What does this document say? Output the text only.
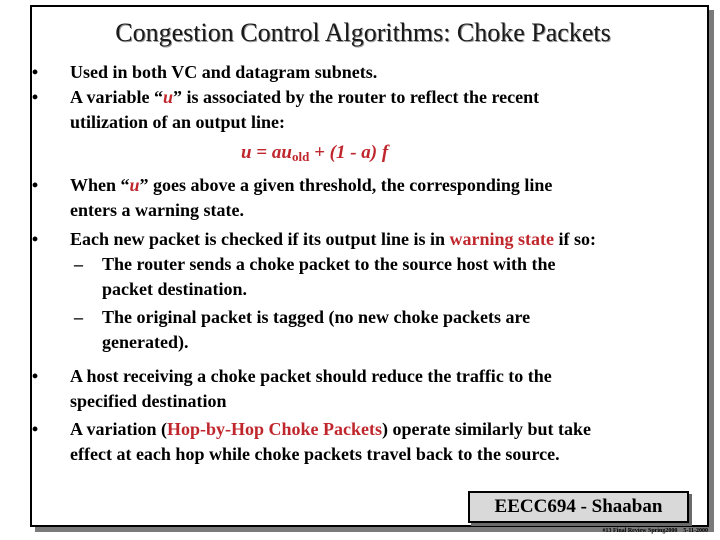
Congestion Control Algorithms: Choke Packets
• Used in both VC and datagram subnets.
• A variable “u” is associated by the router to reflect the recent
utilization of an output line:
$u = au_{old} + (1 - a)$ f
• When “u” goes above a given threshold, the corresponding line
enters a warning state.
• Each new packet is checked if its output line is in warning state if so:
– The router sends a choke packet to the source host with the
packet destination.
– The original packet is tagged (no new choke packets are
generated).
• A host receiving a choke packet should reduce the traffic to the
specified destination
• A variation (Hop-by-Hop Choke Packets) operate similarly but take
effect at each hop while choke packets travel back to the source.
EECC694 - Shaaban
#13 Final Review Spring2000 5-11-2000
